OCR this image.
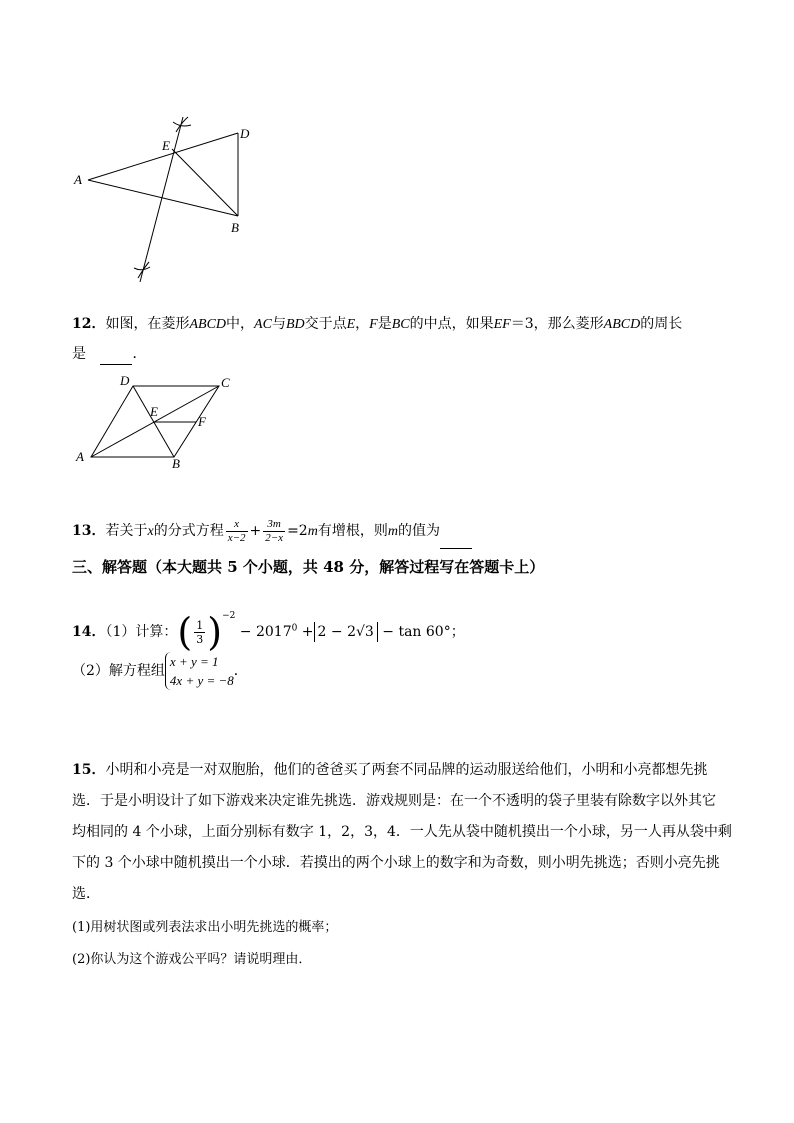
A
E
D
B
12．如图，在菱形ABCD中，AC与BD交于点E，F是BC的中点，如果EF＝3，那么菱形ABCD的周长
是	．
D	C
E
F
A	B
13．若关于x的分式方程 $\frac{x}{x-2} + \frac{3m}{2-x} =2m$有增根，则m的值为
三、解答题（本大题共 5 个小题，共 48 分，解答过程写在答题卡上）
14．（1）计算：( $\frac{1}{3} )^{-2} - 2017^0 + 2 - 2√3 - \tan 60^\circ$；
（2）解方程组
x + y = 1
4x + y = −8
．
15．小明和小亮是一对双胞胎，他们的爸爸买了两套不同品牌的运动服送给他们，小明和小亮都想先挑
选．于是小明设计了如下游戏来决定谁先挑选．游戏规则是：在一个不透明的袋子里装有除数字以外其它
均相同的 4 个小球，上面分别标有数字 1，2，3，4．一人先从袋中随机摸出一个小球，另一人再从袋中剩
下的 3 个小球中随机摸出一个小球．若摸出的两个小球上的数字和为奇数，则小明先挑选；否则小亮先挑
选．
(1)用树状图或列表法求出小明先挑选的概率；
(2)你认为这个游戏公平吗？请说明理由．
